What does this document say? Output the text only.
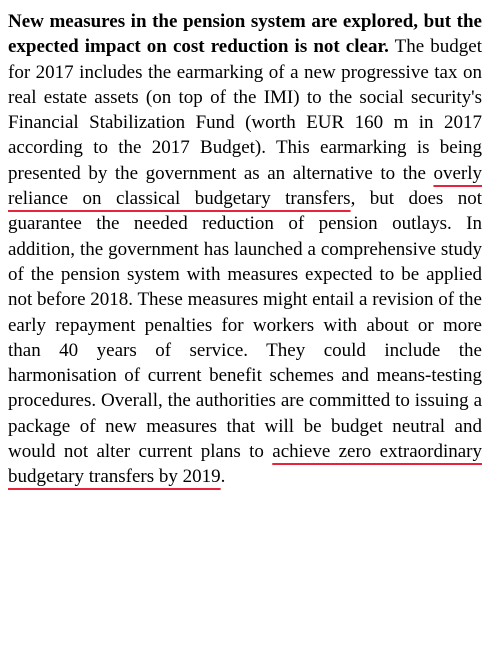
New measures in the pension system are explored, but the expected impact on cost reduction is not clear. The budget for 2017 includes the earmarking of a new progressive tax on real estate assets (on top of the IMI) to the social security's Financial Stabilization Fund (worth EUR 160 m in 2017 according to the 2017 Budget). This earmarking is being presented by the government as an alternative to the overly reliance on classical budgetary transfers, but does not guarantee the needed reduction of pension outlays. In addition, the government has launched a comprehensive study of the pension system with measures expected to be applied not before 2018. These measures might entail a revision of the early repayment penalties for workers with about or more than 40 years of service. They could include the harmonisation of current benefit schemes and means-testing procedures. Overall, the authorities are committed to issuing a package of new measures that will be budget neutral and would not alter current plans to achieve zero extraordinary budgetary transfers by 2019.
